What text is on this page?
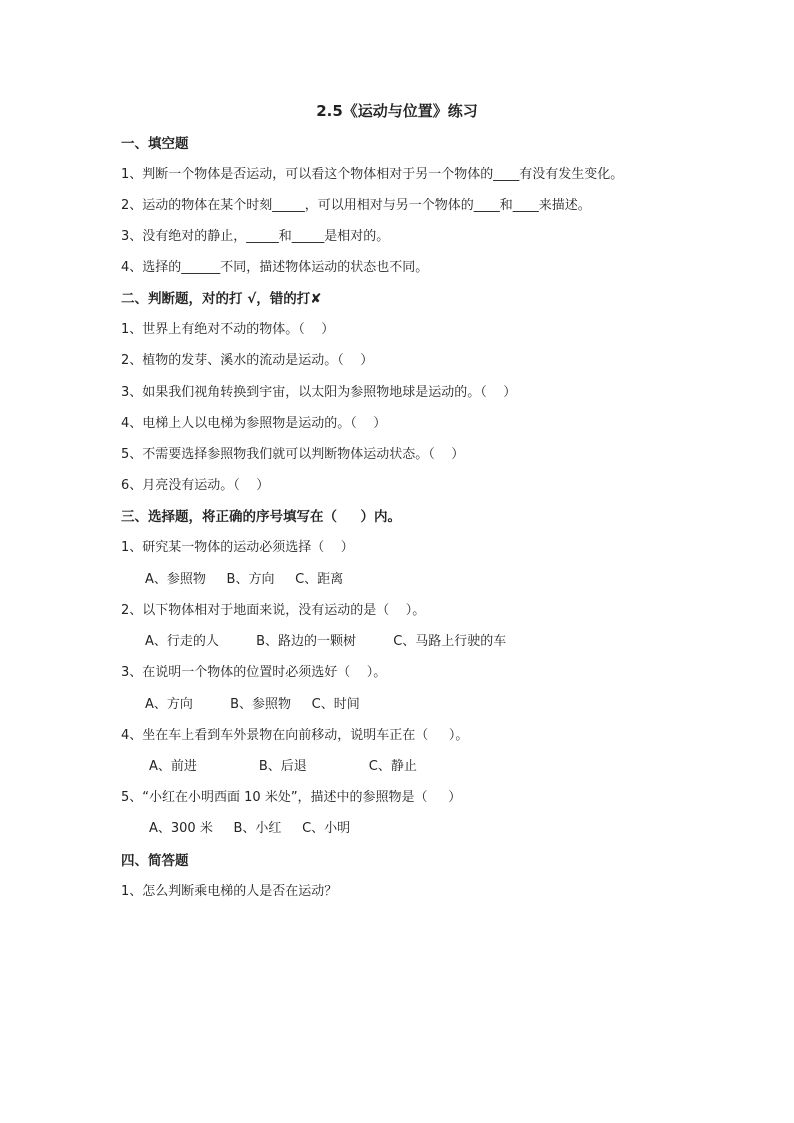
2.5《运动与位置》练习
一、填空题
1、判断一个物体是否运动，可以看这个物体相对于另一个物体的____有没有发生变化。
2、运动的物体在某个时刻_____，可以用相对与另一个物体的____和____来描述。
3、没有绝对的静止，_____和_____是相对的。
4、选择的______不同，描述物体运动的状态也不同。
二、判断题，对的打 √，错的打✘
1、世界上有绝对不动的物体。（    ）
2、植物的发芽、溪水的流动是运动。（    ）
3、如果我们视角转换到宇宙，以太阳为参照物地球是运动的。（    ）
4、电梯上人以电梯为参照物是运动的。（    ）
5、不需要选择参照物我们就可以判断物体运动状态。（    ）
6、月亮没有运动。（    ）
三、选择题，将正确的序号填写在（     ）内。
1、研究某一物体的运动必须选择（    ）
A、参照物     B、方向     C、距离
2、以下物体相对于地面来说，没有运动的是（    ）。
A、行走的人         B、路边的一颗树         C、马路上行驶的车
3、在说明一个物体的位置时必须选好（    ）。
A、方向         B、参照物     C、时间
4、坐在车上看到车外景物在向前移动，说明车正在（     ）。
A、前进               B、后退               C、静止
5、“小红在小明西面 10 米处”，描述中的参照物是（     ）
A、300 米     B、小红     C、小明
四、简答题
1、怎么判断乘电梯的人是否在运动？
